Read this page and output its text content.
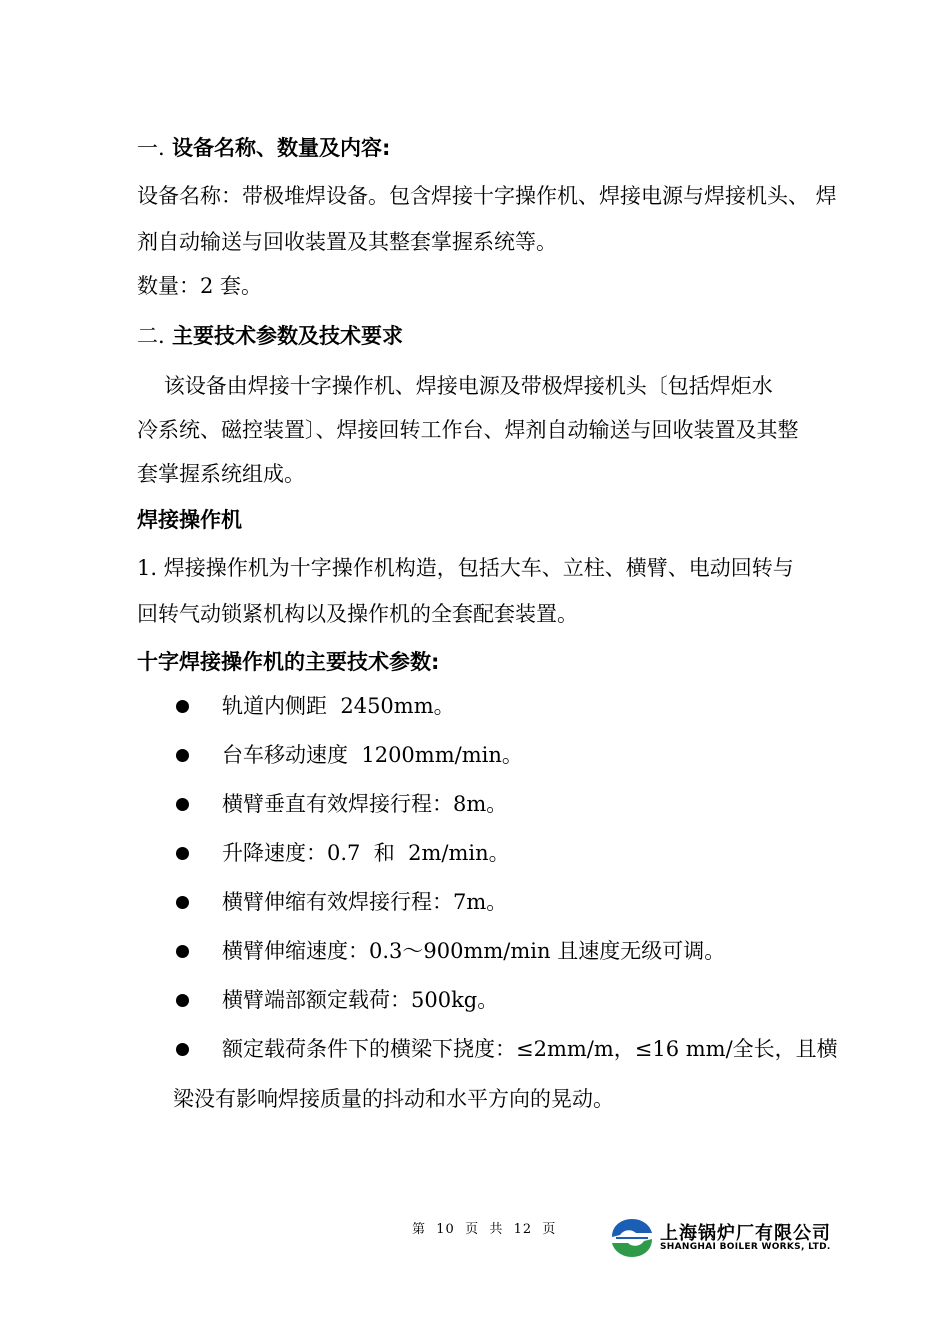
一. 设备名称、数量及内容:
设备名称：带极堆焊设备。包含焊接十字操作机、焊接电源与焊接机头、 焊
剂自动输送与回收装置及其整套掌握系统等。
数量：2 套。
二. 主要技术参数及技术要求
该设备由焊接十字操作机、焊接电源及带极焊接机头〔包括焊炬水
冷系统、磁控装置〕、焊接回转工作台、焊剂自动输送与回收装置及其整
套掌握系统组成。
焊接操作机
1. 焊接操作机为十字操作机构造，包括大车、立柱、横臂、电动回转与
回转气动锁紧机构以及操作机的全套配套装置。
十字焊接操作机的主要技术参数:
轨道内侧距  2450mm。
台车移动速度  1200mm/min。
横臂垂直有效焊接行程：8m。
升降速度：0.7  和  2m/min。
横臂伸缩有效焊接行程：7m。
横臂伸缩速度：0.3～900mm/min 且速度无级可调。
横臂端部额定载荷：500kg。
额定载荷条件下的横梁下挠度：≤2mm/m，≤16 mm/全长，且横
梁没有影响焊接质量的抖动和水平方向的晃动。
第  10  页  共  12  页	上海锅炉厂有限公司
SHANGHAI BOILER WORKS, LTD.
